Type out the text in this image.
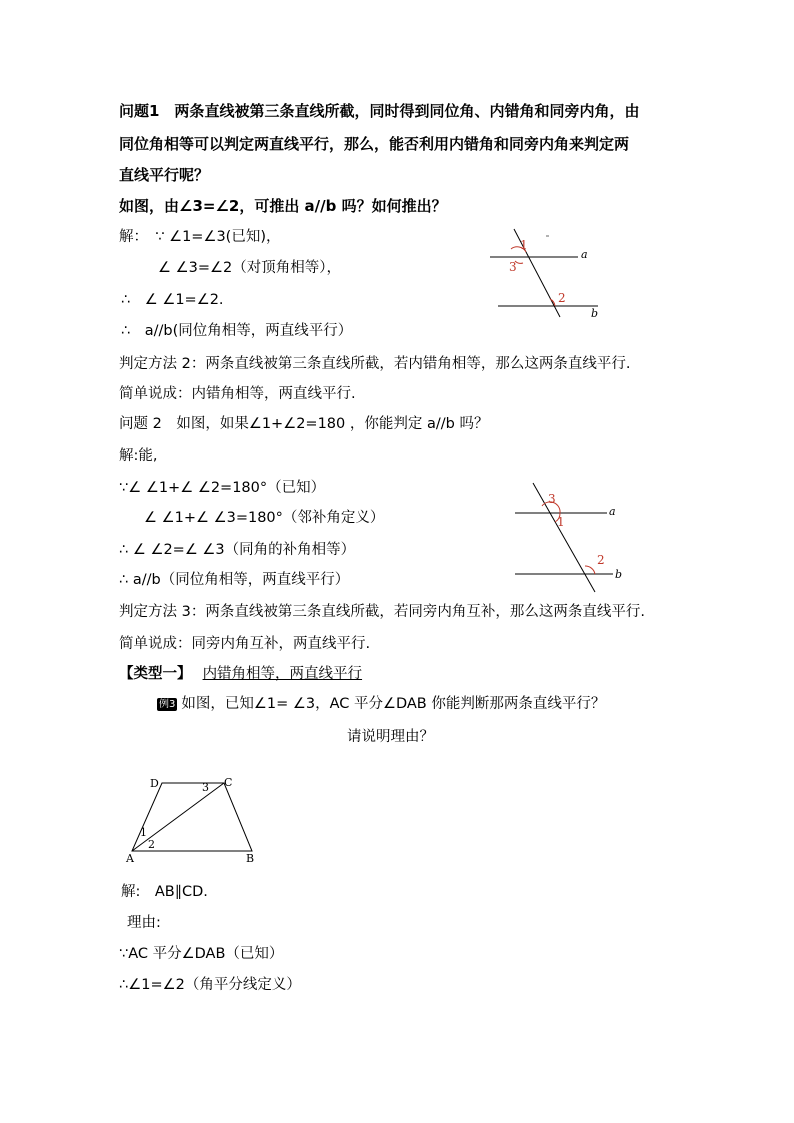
问题1　两条直线被第三条直线所截，同时得到同位角、内错角和同旁内角，由
同位角相等可以判定两直线平行，那么，能否利用内错角和同旁内角来判定两
直线平行呢？
如图，由∠3=∠2，可推出 a//b 吗？如何推出？
解：　∵ ∠1=∠3(已知)，
∠ ∠3=∠2（对顶角相等），
∴　∠ ∠1=∠2.
∴　a//b(同位角相等，两直线平行）
判定方法 2：两条直线被第三条直线所截，若内错角相等，那么这两条直线平行.
简单说成：内错角相等，两直线平行.
1
3
2
a
b
问题 2　如图，如果∠1+∠2=180 ，你能判定 a//b 吗？
解:能,
∵∠ ∠1+∠ ∠2=180°（已知）
∠ ∠1+∠ ∠3=180°（邻补角定义）
∴ ∠ ∠2=∠ ∠3（同角的补角相等）
∴ a//b（同位角相等，两直线平行）
判定方法 3：两条直线被第三条直线所截，若同旁内角互补，那么这两条直线平行.
简单说成：同旁内角互补，两直线平行.
3
1
2
a
b
【类型一】 内错角相等，两直线平行
例3 如图，已知∠1= ∠3，AC 平分∠DAB 你能判断那两条直线平行？
请说明理由？
D	C
A	B
3
1
2
解:　AB∥CD.
理由:
∵AC 平分∠DAB（已知）
∴∠1=∠2（角平分线定义）
